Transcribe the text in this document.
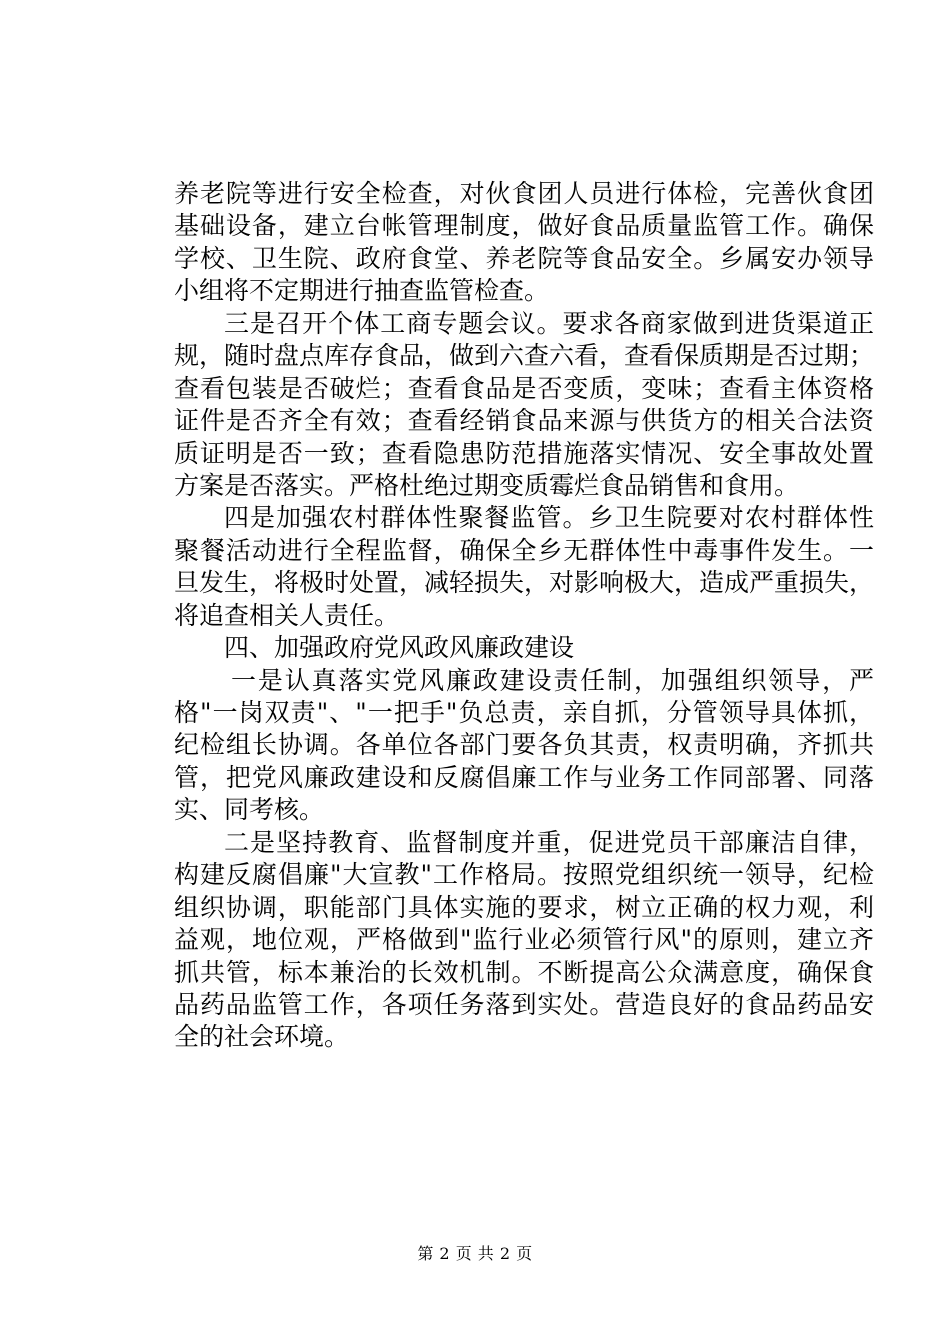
养老院等进行安全检查，对伙食团人员进行体检，完善伙食团
基础设备，建立台帐管理制度，做好食品质量监管工作。确保
学校、卫生院、政府食堂、养老院等食品安全。乡属安办领导
小组将不定期进行抽查监管检查。
三是召开个体工商专题会议。要求各商家做到进货渠道正
规，随时盘点库存食品，做到六查六看，查看保质期是否过期；
查看包装是否破烂；查看食品是否变质，变味；查看主体资格
证件是否齐全有效；查看经销食品来源与供货方的相关合法资
质证明是否一致；查看隐患防范措施落实情况、安全事故处置
方案是否落实。严格杜绝过期变质霉烂食品销售和食用。
四是加强农村群体性聚餐监管。乡卫生院要对农村群体性
聚餐活动进行全程监督，确保全乡无群体性中毒事件发生。一
旦发生，将极时处置，减轻损失，对影响极大，造成严重损失，
将追查相关人责任。
四、加强政府党风政风廉政建设
一是认真落实党风廉政建设责任制，加强组织领导，严
格"一岗双责"、"一把手"负总责，亲自抓，分管领导具体抓，
纪检组长协调。各单位各部门要各负其责，权责明确，齐抓共
管，把党风廉政建设和反腐倡廉工作与业务工作同部署、同落
实、同考核。
二是坚持教育、监督制度并重，促进党员干部廉洁自律，
构建反腐倡廉"大宣教"工作格局。按照党组织统一领导，纪检
组织协调，职能部门具体实施的要求，树立正确的权力观，利
益观，地位观，严格做到"监行业必须管行风"的原则，建立齐
抓共管，标本兼治的长效机制。不断提高公众满意度，确保食
品药品监管工作，各项任务落到实处。营造良好的食品药品安
全的社会环境。
第 2 页 共 2 页
